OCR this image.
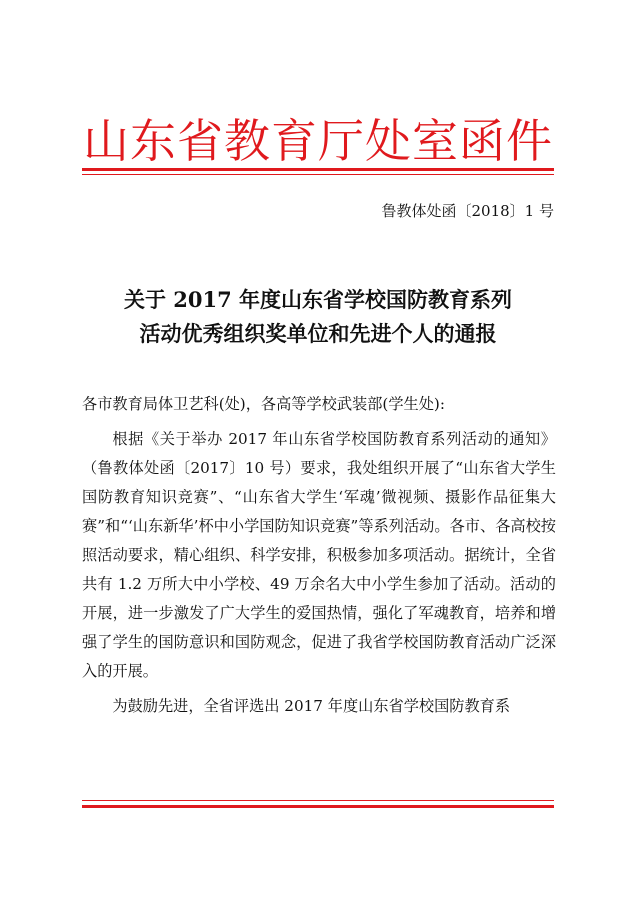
山东省教育厅处室函件
鲁教体处函〔2018〕1 号
关于 2017 年度山东省学校国防教育系列
活动优秀组织奖单位和先进个人的通报

各市教育局体卫艺科(处)，各高等学校武装部(学生处):

根据《关于举办 2017 年山东省学校国防教育系列活动的通知》（鲁教体处函〔2017〕10 号）要求，我处组织开展了“山东省大学生国防教育知识竞赛”、“山东省大学生‘军魂’微视频、摄影作品征集大赛”和“‘山东新华’杯中小学国防知识竞赛”等系列活动。各市、各高校按照活动要求，精心组织、科学安排，积极参加多项活动。据统计，全省共有 1.2 万所大中小学校、49 万余名大中小学生参加了活动。活动的开展，进一步激发了广大学生的爱国热情，强化了军魂教育，培养和增强了学生的国防意识和国防观念，促进了我省学校国防教育活动广泛深入的开展。

为鼓励先进，全省评选出 2017 年度山东省学校国防教育系
